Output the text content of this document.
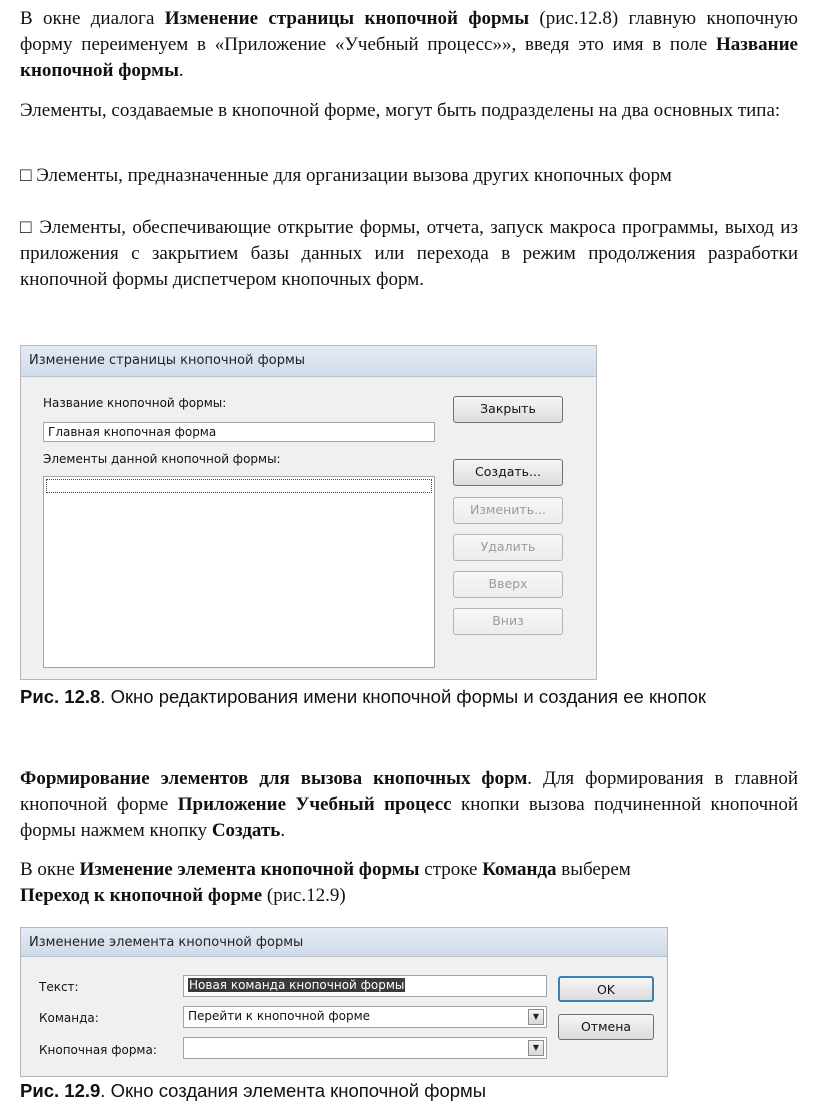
В окне диалога Изменение страницы кнопочной формы (рис.12.8) главную кнопочную форму переименуем в «Приложение «Учебный процесс»», введя это имя в поле Название кнопочной формы.

Элементы, создаваемые в кнопочной форме, могут быть подразделены на два основных типа:

□ Элементы, предназначенные для организации вызова других кнопочных форм

□ Элементы, обеспечивающие открытие формы, отчета, запуск макроса программы, выход из приложения с закрытием базы данных или перехода в режим продолжения разработки кнопочной формы диспетчером кнопочных форм.

Изменение страницы кнопочной формы
Название кнопочной формы:
Главная кнопочная форма
Элементы данной кнопочной формы:
Закрыть
Создать...
Изменить...
Удалить
Вверх
Вниз

Рис. 12.8. Окно редактирования имени кнопочной формы и создания ее кнопок

Формирование элементов для вызова кнопочных форм. Для формирования в главной кнопочной форме Приложение Учебный процесс кнопки вызова подчиненной кнопочной формы нажмем кнопку Создать.

В окне Изменение элемента кнопочной формы строке Команда выберем
Переход к кнопочной форме (рис.12.9)

Изменение элемента кнопочной формы
Текст:	Новая команда кнопочной формы
Команда:	Перейти к кнопочной форме	▼
Кнопочная форма:	▼
OK
Отмена

Рис. 12.9. Окно создания элемента кнопочной формы
